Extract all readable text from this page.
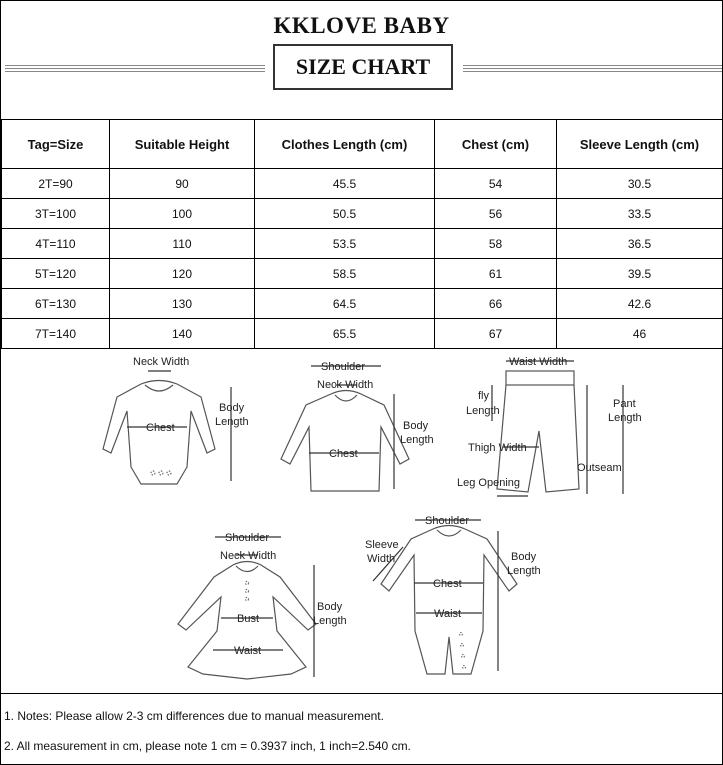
KKLOVE BABY
SIZE CHART
Tag=Size	Suitable Height	Clothes Length (cm)	Chest (cm)	Sleeve Length (cm)
2T=90	90	45.5	54	30.5
3T=100	100	50.5	56	33.5
4T=110	110	53.5	58	36.5
5T=120	120	58.5	61	39.5
6T=130	130	64.5	66	42.6
7T=140	140	65.5	67	46
Neck Width
Chest
Body
Length
Shoulder
Neck Width
Chest
Body
Length
Waist Width
fly
Length
Pant
Length
Thigh Width
Outseam
Leg Opening
Shoulder
Neck Width
Bust
Waist
Body
Length
Shoulder
Sleeve
Width
Chest
Waist
Body
Length
1. Notes: Please allow 2-3 cm differences due to manual measurement.
2. All measurement in cm, please note 1 cm = 0.3937 inch, 1 inch=2.540 cm.
